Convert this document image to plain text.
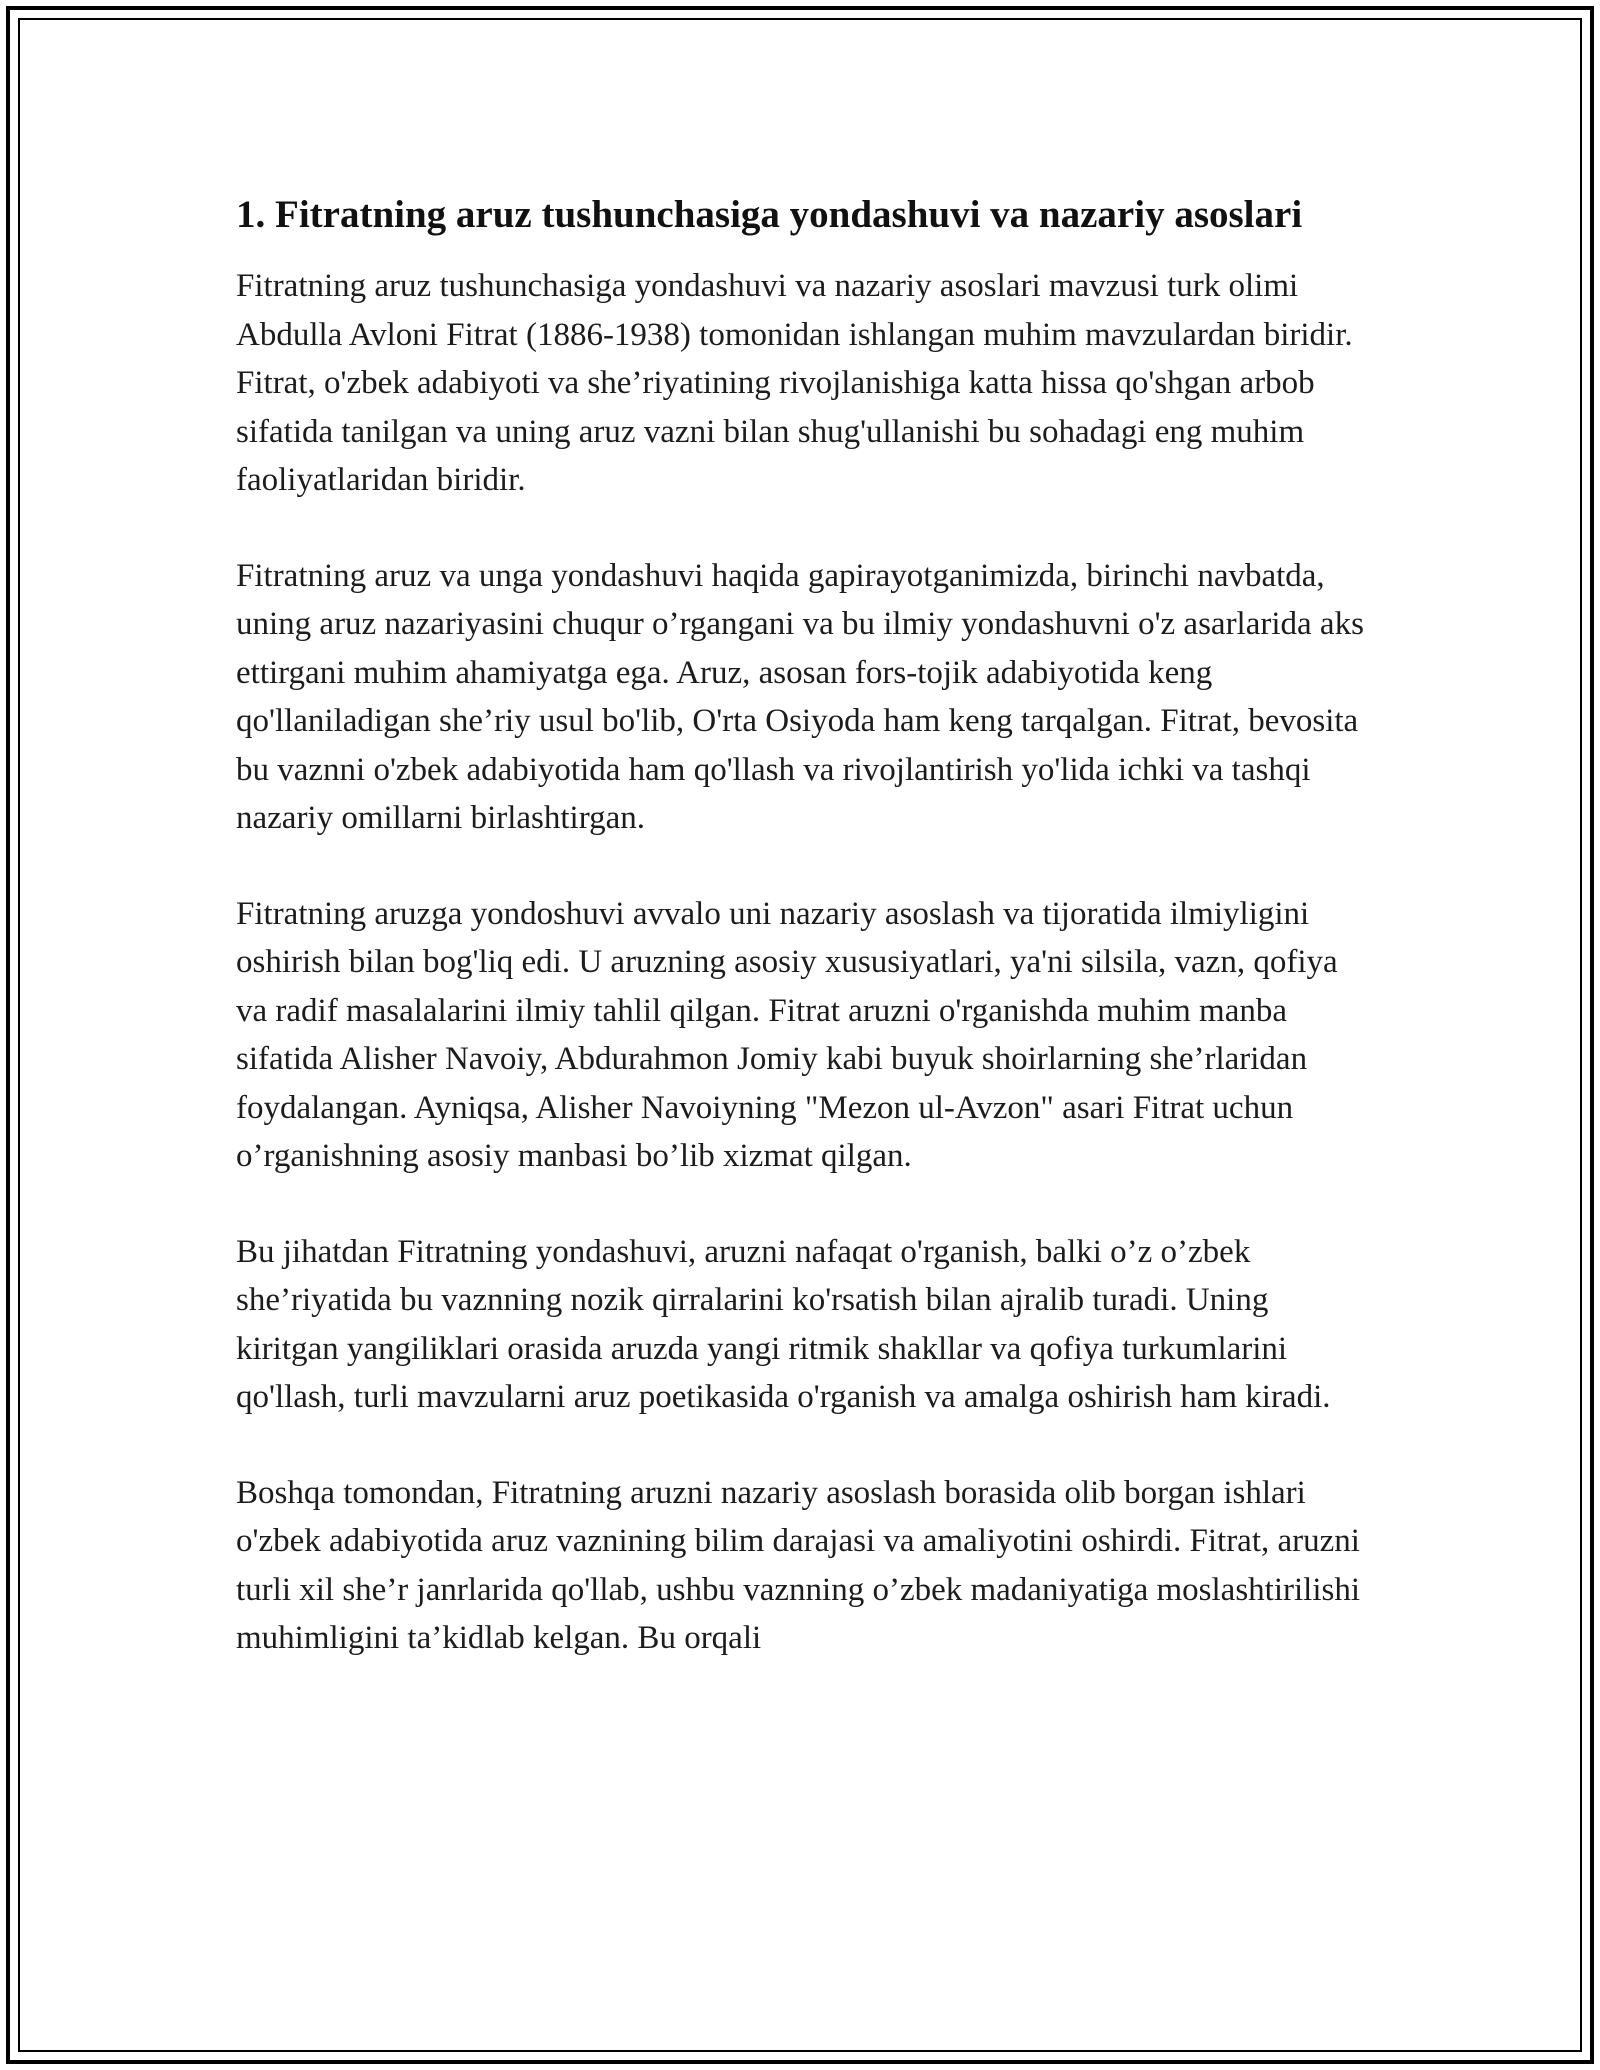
1. Fitratning aruz tushunchasiga yondashuvi va nazariy asoslari

Fitratning aruz tushunchasiga yondashuvi va nazariy asoslari mavzusi turk olimi Abdulla Avloni Fitrat (1886-1938) tomonidan ishlangan muhim mavzulardan biridir. Fitrat, o'zbek adabiyoti va she’riyatining rivojlanishiga katta hissa qo'shgan arbob sifatida tanilgan va uning aruz vazni bilan shug'ullanishi bu sohadagi eng muhim faoliyatlaridan biridir.

Fitratning aruz va unga yondashuvi haqida gapirayotganimizda, birinchi navbatda, uning aruz nazariyasini chuqur o’rgangani va bu ilmiy yondashuvni o'z asarlarida aks ettirgani muhim ahamiyatga ega. Aruz, asosan fors-tojik adabiyotida keng qo'llaniladigan she’riy usul bo'lib, O'rta Osiyoda ham keng tarqalgan. Fitrat, bevosita bu vaznni o'zbek adabiyotida ham qo'llash va rivojlantirish yo'lida ichki va tashqi nazariy omillarni birlashtirgan.

Fitratning aruzga yondoshuvi avvalo uni nazariy asoslash va tijoratida ilmiyligini oshirish bilan bog'liq edi. U aruzning asosiy xususiyatlari, ya'ni silsila, vazn, qofiya va radif masalalarini ilmiy tahlil qilgan. Fitrat aruzni o'rganishda muhim manba sifatida Alisher Navoiy, Abdurahmon Jomiy kabi buyuk shoirlarning she’rlaridan foydalangan. Ayniqsa, Alisher Navoiyning "Mezon ul-Avzon" asari Fitrat uchun o’rganishning asosiy manbasi bo’lib xizmat qilgan.

Bu jihatdan Fitratning yondashuvi, aruzni nafaqat o'rganish, balki o’z o’zbek she’riyatida bu vaznning nozik qirralarini ko'rsatish bilan ajralib turadi. Uning kiritgan yangiliklari orasida aruzda yangi ritmik shakllar va qofiya turkumlarini qo'llash, turli mavzularni aruz poetikasida o'rganish va amalga oshirish ham kiradi.

Boshqa tomondan, Fitratning aruzni nazariy asoslash borasida olib borgan ishlari o'zbek adabiyotida aruz vaznining bilim darajasi va amaliyotini oshirdi. Fitrat, aruzni turli xil she’r janrlarida qo'llab, ushbu vaznning o’zbek madaniyatiga moslashtirilishi muhimligini ta’kidlab kelgan. Bu orqali
